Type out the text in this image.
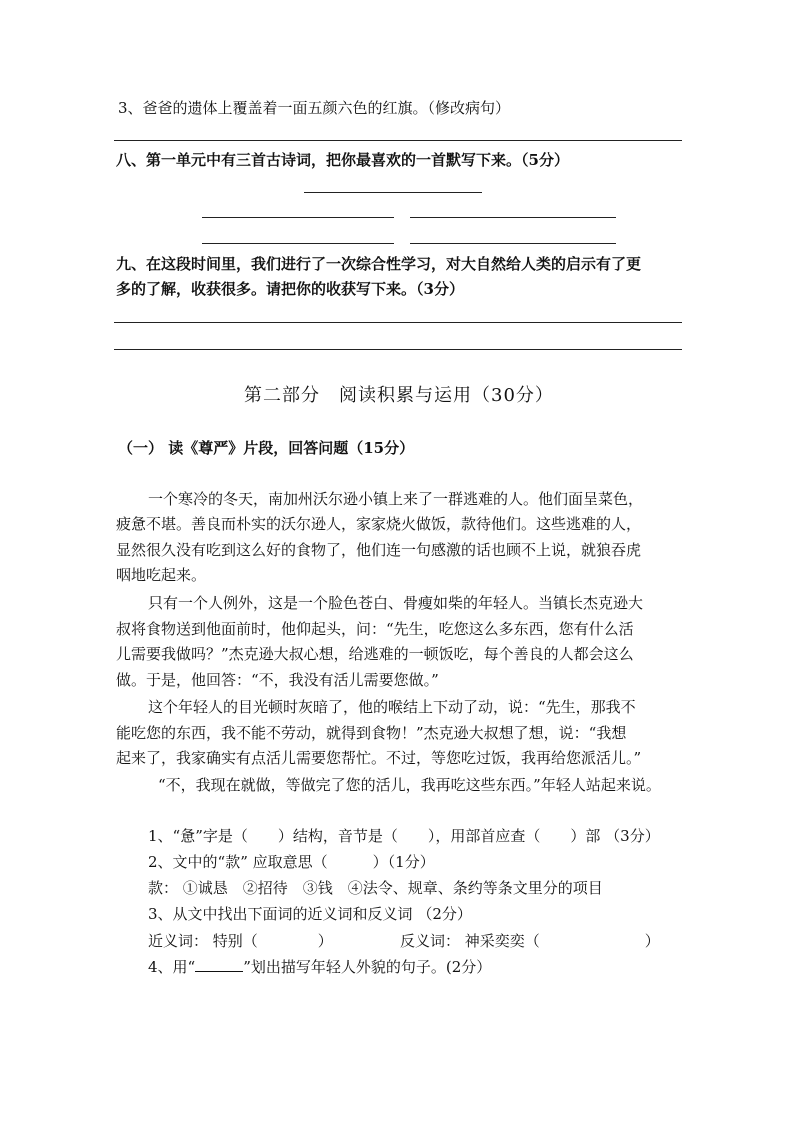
3、爸爸的遗体上覆盖着一面五颜六色的红旗。（修改病句）
八、第一单元中有三首古诗词，把你最喜欢的一首默写下来。（5分）
九、在这段时间里，我们进行了一次综合性学习，对大自然给人类的启示有了更
多的了解，收获很多。请把你的收获写下来。（3分）
第二部分　阅读积累与运用（30分）
（一） 读《尊严》片段，回答问题（15分）
一个寒冷的冬天，南加州沃尔逊小镇上来了一群逃难的人。他们面呈菜色，
疲惫不堪。善良而朴实的沃尔逊人，家家烧火做饭，款待他们。这些逃难的人，
显然很久没有吃到这么好的食物了，他们连一句感激的话也顾不上说，就狼吞虎
咽地吃起来。
只有一个人例外，这是一个脸色苍白、骨瘦如柴的年轻人。当镇长杰克逊大
叔将食物送到他面前时，他仰起头，问：“先生，吃您这么多东西，您有什么活
儿需要我做吗？”杰克逊大叔心想，给逃难的一顿饭吃，每个善良的人都会这么
做。于是，他回答：“不，我没有活儿需要您做。”
这个年轻人的目光顿时灰暗了，他的喉结上下动了动，说：“先生，那我不
能吃您的东西，我不能不劳动，就得到食物！”杰克逊大叔想了想，说：“我想
起来了，我家确实有点活儿需要您帮忙。不过，等您吃过饭，我再给您派活儿。”
“不，我现在就做，等做完了您的活儿，我再吃这些东西。”年轻人站起来说。
1、“惫”字是（　　）结构，音节是（　　），用部首应查（　　）部 （3分）
2、文中的“款” 应取意思（　　　）（1分）
款： ①诚恳　②招待　③钱　④法令、规章、条约等条文里分的项目
3、从文中找出下面词的近义词和反义词 （2分）
近义词： 特别（　　　　）	反义词： 神采奕奕（　　　　　　　）
4、用“	”划出描写年轻人外貌的句子。(2分）
